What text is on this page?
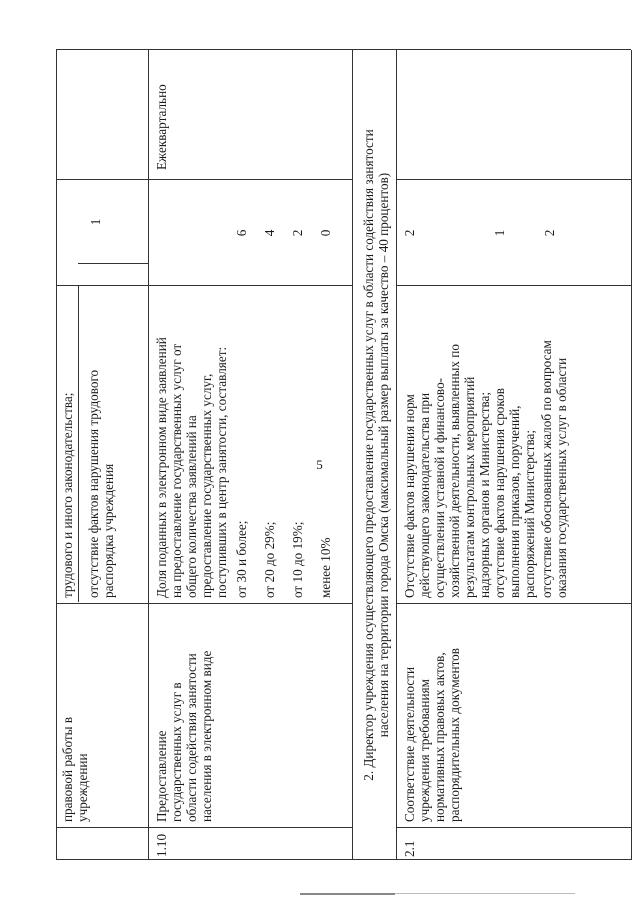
5
правовой работы в
учреждении
трудового и иного законодательства; отсутствие фактов нарушения трудового
распорядка учреждения
1
1.10
Предоставление
государственных услуг в
области содействия занятости
населения в электронном виде
Доля поданных в электронном виде заявлений
на предоставление государственных услуг от
общего количества заявлений на
предоставление государственных услуг,
поступивших в центр занятости, составляет:
от 30 и более; от 20 до 29%; от 10 до 19%; менее 10%
6 4 2 0
Ежеквартально
2. Директор учреждения осуществляющего предоставление государственных услуг в области содействия занятости
населения на территории города Омска (максимальный размер выплаты за качество – 40 процентов)
2.1
Соответствие деятельности
учреждения требованиям
нормативных правовых актов,
распорядительных документов
Отсутствие фактов нарушения норм
действующего законодательства при
осуществлении уставной и финансово-
хозяйственной деятельности, выявленных по
результатам контрольных мероприятий
надзорных органов и Министерства;
2
отсутствие фактов нарушения сроков
выполнения приказов, поручений,
распоряжений Министерства;
1
отсутствие обоснованных жалоб по вопросам
оказания государственных услуг в области
2
